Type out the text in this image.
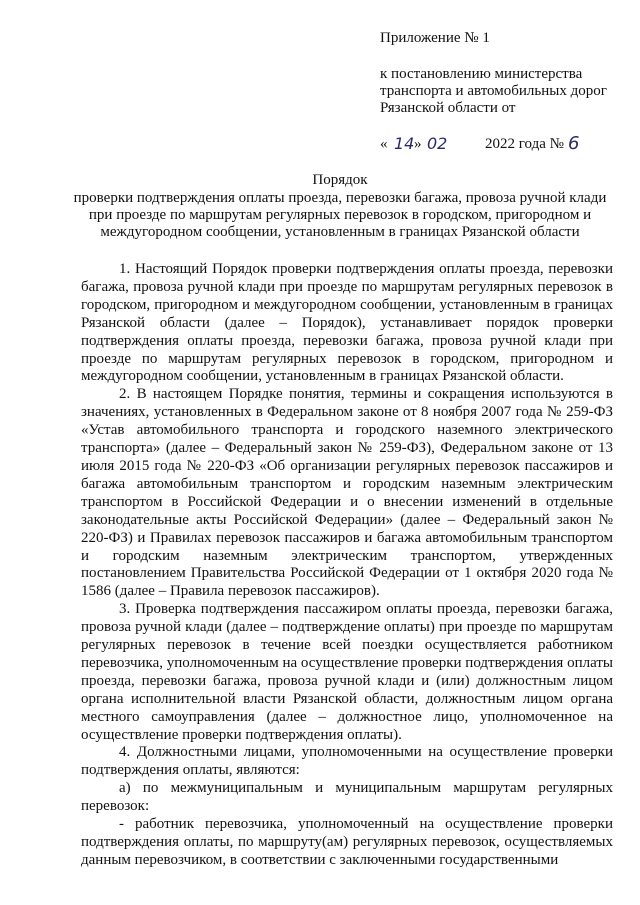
Приложение № 1
к постановлению министерства транспорта и автомобильных дорог Рязанской области от
« 14 » 02	2022 года № 6
Порядок
проверки подтверждения оплаты проезда, перевозки багажа, провоза ручной клади при проезде по маршрутам регулярных перевозок в городском, пригородном и междугородном сообщении, установленным в границах Рязанской области

1. Настоящий Порядок проверки подтверждения оплаты проезда, перевозки багажа, провоза ручной клади при проезде по маршрутам регулярных перевозок в городском, пригородном и междугородном сообщении, установленным в границах Рязанской области (далее – Порядок), устанавливает порядок проверки подтверждения оплаты проезда, перевозки багажа, провоза ручной клади при проезде по маршрутам регулярных перевозок в городском, пригородном и междугородном сообщении, установленным в границах Рязанской области.

2. В настоящем Порядке понятия, термины и сокращения используются в значениях, установленных в Федеральном законе от 8 ноября 2007 года № 259-ФЗ «Устав автомобильного транспорта и городского наземного электрического транспорта» (далее – Федеральный закон № 259-ФЗ), Федеральном законе от 13 июля 2015 года № 220-ФЗ «Об организации регулярных перевозок пассажиров и багажа автомобильным транспортом и городским наземным электрическим транспортом в Российской Федерации и о внесении изменений в отдельные законодательные акты Российской Федерации» (далее – Федеральный закон № 220-ФЗ) и Правилах перевозок пассажиров и багажа автомобильным транспортом и городским наземным электрическим транспортом, утвержденных постановлением Правительства Российской Федерации от 1 октября 2020 года № 1586 (далее – Правила перевозок пассажиров).

3. Проверка подтверждения пассажиром оплаты проезда, перевозки багажа, провоза ручной клади (далее – подтверждение оплаты) при проезде по маршрутам регулярных перевозок в течение всей поездки осуществляется работником перевозчика, уполномоченным на осуществление проверки подтверждения оплаты проезда, перевозки багажа, провоза ручной клади и (или) должностным лицом органа исполнительной власти Рязанской области, должностным лицом органа местного самоуправления (далее – должностное лицо, уполномоченное на осуществление проверки подтверждения оплаты).

4. Должностными лицами, уполномоченными на осуществление проверки подтверждения оплаты, являются:

а) по межмуниципальным и муниципальным маршрутам регулярных перевозок:

- работник перевозчика, уполномоченный на осуществление проверки подтверждения оплаты, по маршруту(ам) регулярных перевозок, осуществляемых данным перевозчиком, в соответствии с заключенными государственными
